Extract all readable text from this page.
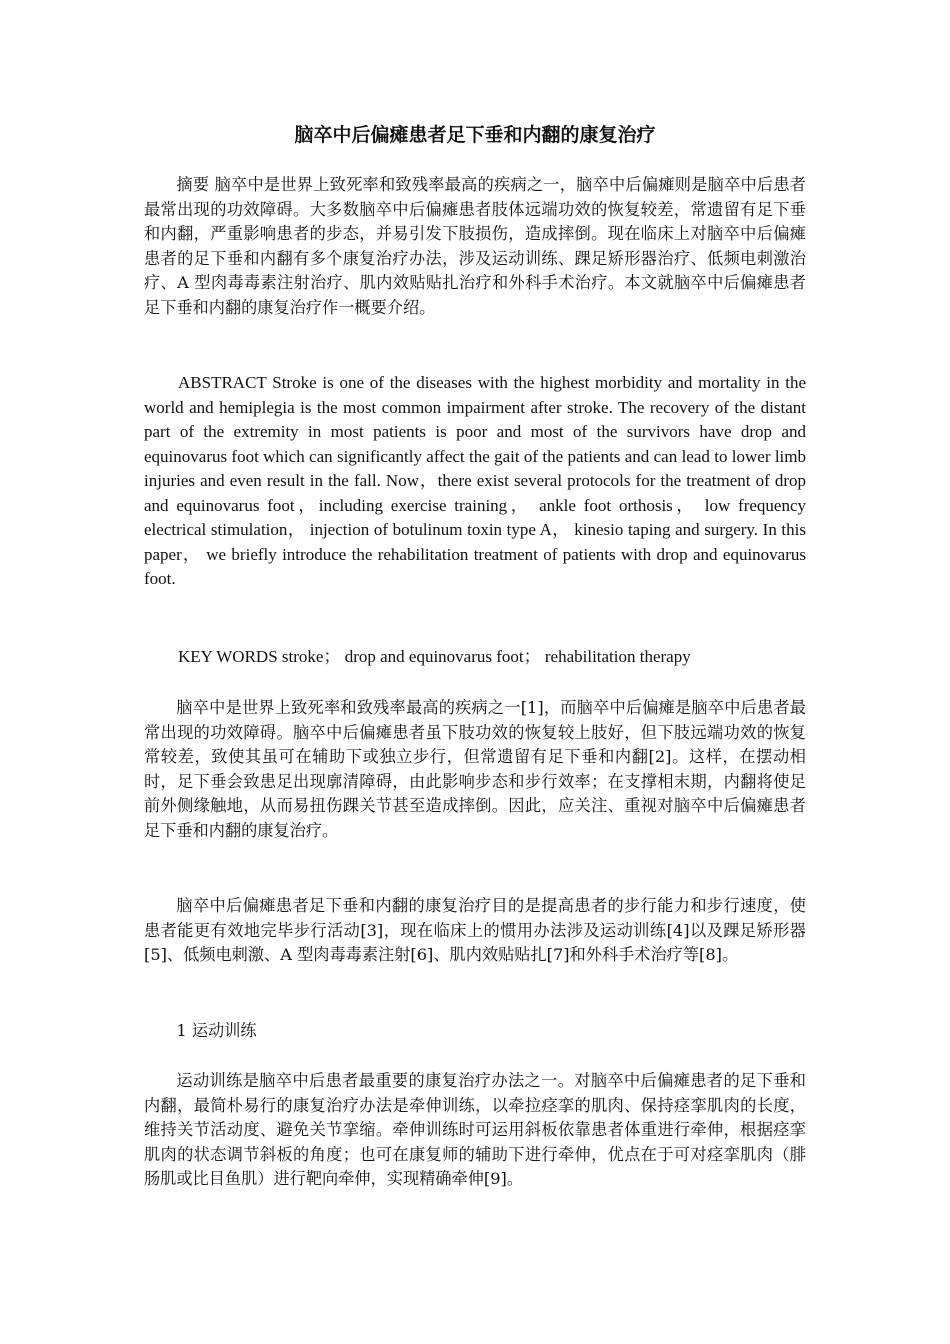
脑卒中后偏瘫患者足下垂和内翻的康复治疗

摘要 脑卒中是世界上致死率和致残率最高的疾病之一，脑卒中后偏瘫则是脑卒中后患者最常出现的功效障碍。大多数脑卒中后偏瘫患者肢体远端功效的恢复较差，常遗留有足下垂和内翻，严重影响患者的步态，并易引发下肢损伤，造成摔倒。现在临床上对脑卒中后偏瘫患者的足下垂和内翻有多个康复治疗办法，涉及运动训练、踝足矫形器治疗、低频电刺激治疗、A 型肉毒毒素注射治疗、肌内效贴贴扎治疗和外科手术治疗。本文就脑卒中后偏瘫患者足下垂和内翻的康复治疗作一概要介绍。

ABSTRACT Stroke is one of the diseases with the highest morbidity and mortality in the world and hemiplegia is the most common impairment after stroke. The recovery of the distant part of the extremity in most patients is poor and most of the survivors have drop and equinovarus foot which can significantly affect the gait of the patients and can lead to lower limb injuries and even result in the fall. Now，there exist several protocols for the treatment of drop and equinovarus foot，including exercise training， ankle foot orthosis， low frequency electrical stimulation， injection of botulinum toxin type A， kinesio taping and surgery. In this paper， we briefly introduce the rehabilitation treatment of patients with drop and equinovarus foot.

KEY WORDS stroke； drop and equinovarus foot； rehabilitation therapy

脑卒中是世界上致死率和致残率最高的疾病之一[1]，而脑卒中后偏瘫是脑卒中后患者最常出现的功效障碍。脑卒中后偏瘫患者虽下肢功效的恢复较上肢好，但下肢远端功效的恢复常较差，致使其虽可在辅助下或独立步行，但常遗留有足下垂和内翻[2]。这样，在摆动相时，足下垂会致患足出现廓清障碍，由此影响步态和步行效率；在支撑相末期，内翻将使足前外侧缘触地，从而易扭伤踝关节甚至造成摔倒。因此，应关注、重视对脑卒中后偏瘫患者足下垂和内翻的康复治疗。

脑卒中后偏瘫患者足下垂和内翻的康复治疗目的是提高患者的步行能力和步行速度，使患者能更有效地完毕步行活动[3]，现在临床上的惯用办法涉及运动训练[4]以及踝足矫形器[5]、低频电刺激、A 型肉毒毒素注射[6]、肌内效贴贴扎[7]和外科手术治疗等[8]。

1 运动训练

运动训练是脑卒中后患者最重要的康复治疗办法之一。对脑卒中后偏瘫患者的足下垂和内翻，最简朴易行的康复治疗办法是牵伸训练，以牵拉痉挛的肌肉、保持痉挛肌肉的长度，维持关节活动度、避免关节挛缩。牵伸训练时可运用斜板依靠患者体重进行牵伸，根据痉挛肌肉的状态调节斜板的角度；也可在康复师的辅助下进行牵伸，优点在于可对痉挛肌肉（腓肠肌或比目鱼肌）进行靶向牵伸，实现精确牵伸[9]。
